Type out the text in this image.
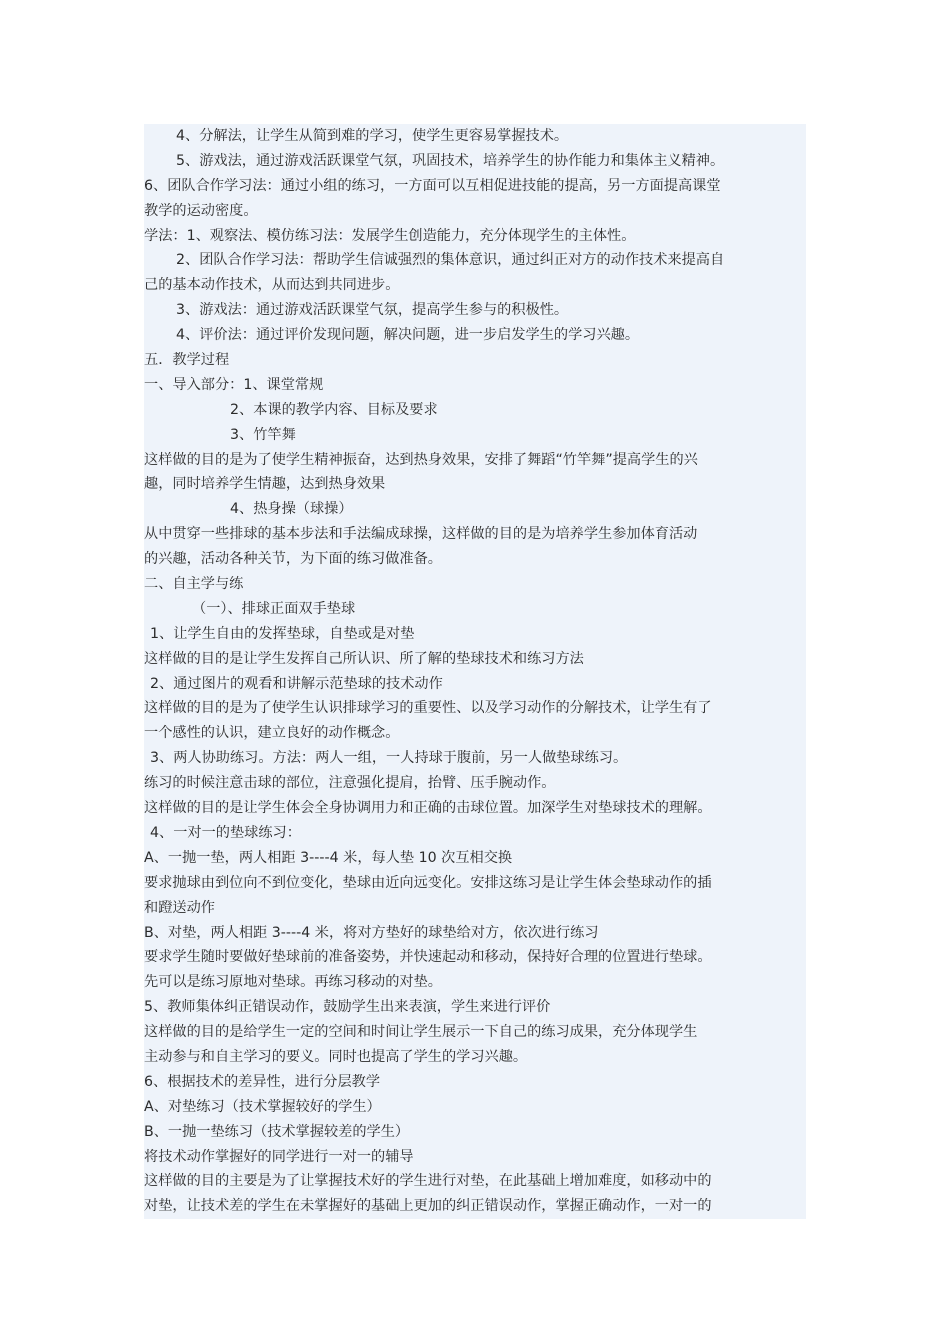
4、分解法，让学生从简到难的学习，使学生更容易掌握技术。
5、游戏法，通过游戏活跃课堂气氛，巩固技术，培养学生的协作能力和集体主义精神。
6、团队合作学习法：通过小组的练习，一方面可以互相促进技能的提高，另一方面提高课堂
教学的运动密度。
学法：1、观察法、模仿练习法：发展学生创造能力，充分体现学生的主体性。
2、团队合作学习法：帮助学生信诚强烈的集体意识，通过纠正对方的动作技术来提高自
己的基本动作技术，从而达到共同进步。
3、游戏法：通过游戏活跃课堂气氛，提高学生参与的积极性。
4、评价法：通过评价发现问题，解决问题，进一步启发学生的学习兴趣。
五．教学过程
一、导入部分：1、课堂常规
2、本课的教学内容、目标及要求
3、竹竿舞
这样做的目的是为了使学生精神振奋，达到热身效果，安排了舞蹈“竹竿舞”提高学生的兴
趣，同时培养学生情趣，达到热身效果
4、热身操（球操）
从中贯穿一些排球的基本步法和手法编成球操，这样做的目的是为培养学生参加体育活动
的兴趣，活动各种关节，为下面的练习做准备。
二、自主学与练
（一）、排球正面双手垫球
1、让学生自由的发挥垫球，自垫或是对垫
这样做的目的是让学生发挥自己所认识、所了解的垫球技术和练习方法
2、通过图片的观看和讲解示范垫球的技术动作
这样做的目的是为了使学生认识排球学习的重要性、以及学习动作的分解技术，让学生有了
一个感性的认识，建立良好的动作概念。
3、两人协助练习。方法：两人一组，一人持球于腹前，另一人做垫球练习。
练习的时候注意击球的部位，注意强化提肩，抬臂、压手腕动作。
这样做的目的是让学生体会全身协调用力和正确的击球位置。加深学生对垫球技术的理解。
4、一对一的垫球练习：
A、一抛一垫，两人相距 3----4 米，每人垫 10 次互相交换
要求抛球由到位向不到位变化，垫球由近向远变化。安排这练习是让学生体会垫球动作的插
和蹬送动作
B、对垫，两人相距 3----4 米，将对方垫好的球垫给对方，依次进行练习
要求学生随时要做好垫球前的准备姿势，并快速起动和移动，保持好合理的位置进行垫球。
先可以是练习原地对垫球。再练习移动的对垫。
5、教师集体纠正错误动作，鼓励学生出来表演，学生来进行评价
这样做的目的是给学生一定的空间和时间让学生展示一下自己的练习成果，充分体现学生
主动参与和自主学习的要义。同时也提高了学生的学习兴趣。
6、根据技术的差异性，进行分层教学
A、对垫练习（技术掌握较好的学生）
B、一抛一垫练习（技术掌握较差的学生）
将技术动作掌握好的同学进行一对一的辅导
这样做的目的主要是为了让掌握技术好的学生进行对垫，在此基础上增加难度，如移动中的
对垫，让技术差的学生在未掌握好的基础上更加的纠正错误动作，掌握正确动作，一对一的
